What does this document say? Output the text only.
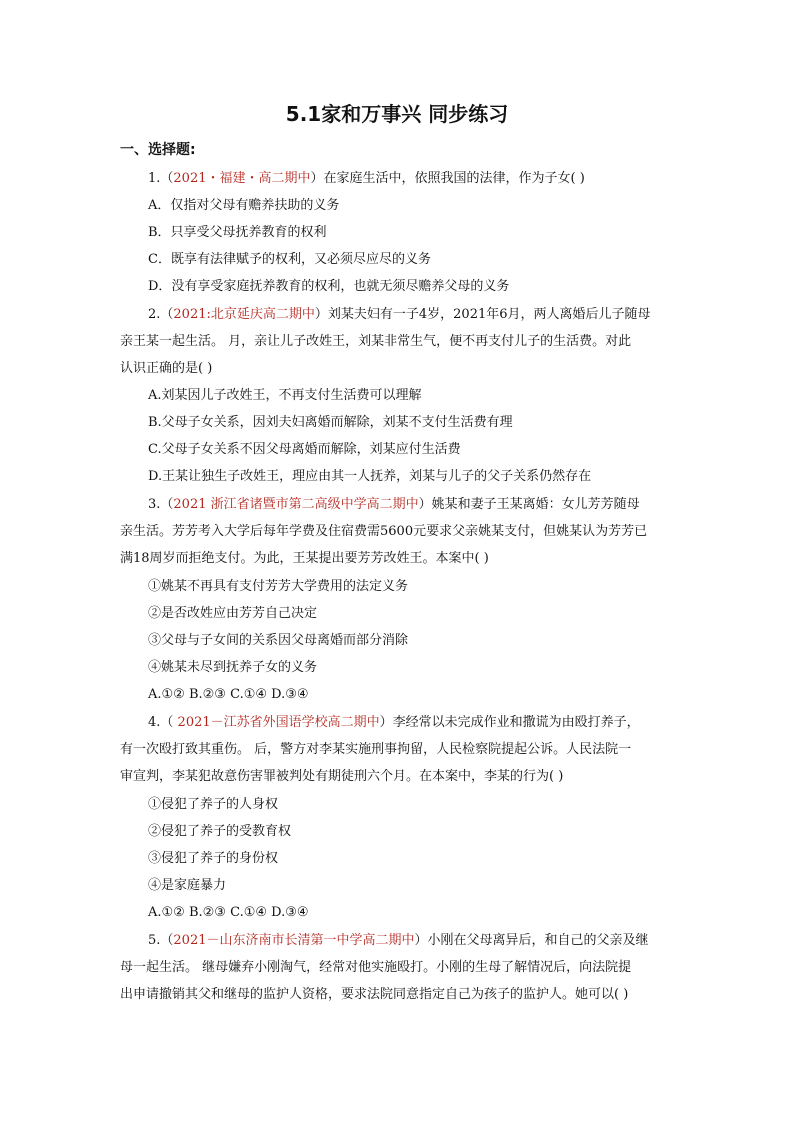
5.1家和万事兴 同步练习
一、选择题:
1.（2021・福建・高二期中）在家庭生活中，依照我国的法律，作为子女( )
A．仅指对父母有赡养扶助的义务
B．只享受父母抚养教育的权利
C．既享有法律赋予的权利，又必须尽应尽的义务
D．没有享受家庭抚养教育的权利，也就无须尽赡养父母的义务
2.（2021:北京延庆高二期中）刘某夫妇有一子4岁，2021年6月，两人离婚后儿子随母
亲王某一起生活。 月，亲让儿子改姓王，刘某非常生气，便不再支付儿子的生活费。对此
认识正确的是( )
A.刘某因儿子改姓王，不再支付生活费可以理解
B.父母子女关系，因刘夫妇离婚而解除，刘某不支付生活费有理
C.父母子女关系不因父母离婚而解除，刘某应付生活费
D.王某让独生子改姓王，理应由其一人抚养，刘某与儿子的父子关系仍然存在
3.（2021 浙江省诸暨市第二高级中学高二期中）姚某和妻子王某离婚：女儿芳芳随母
亲生活。芳芳考入大学后每年学费及住宿费需5600元要求父亲姚某支付，但姚某认为芳芳已
满18周岁而拒绝支付。为此，王某提出要芳芳改姓王。本案中( )
①姚某不再具有支付芳芳大学费用的法定义务
②是否改姓应由芳芳自己决定
③父母与子女间的关系因父母离婚而部分消除
④姚某未尽到抚养子女的义务
A.①② B.②③ C.①④ D.③④
4.（ 2021－江苏省外国语学校高二期中）李经常以未完成作业和撒谎为由殴打养子，
有一次殴打致其重伤。 后，警方对李某实施刑事拘留，人民检察院提起公诉。人民法院一
审宣判，李某犯故意伤害罪被判处有期徒刑六个月。在本案中，李某的行为( )
①侵犯了养子的人身权
②侵犯了养子的受教育权
③侵犯了养子的身份权
④是家庭暴力
A.①② B.②③ C.①④ D.③④
5.（2021－山东济南市长清第一中学高二期中）小刚在父母离异后，和自己的父亲及继
母一起生活。 继母嫌弃小刚淘气，经常对他实施殴打。小刚的生母了解情况后，向法院提
出申请撤销其父和继母的监护人资格，要求法院同意指定自己为孩子的监护人。她可以( )
